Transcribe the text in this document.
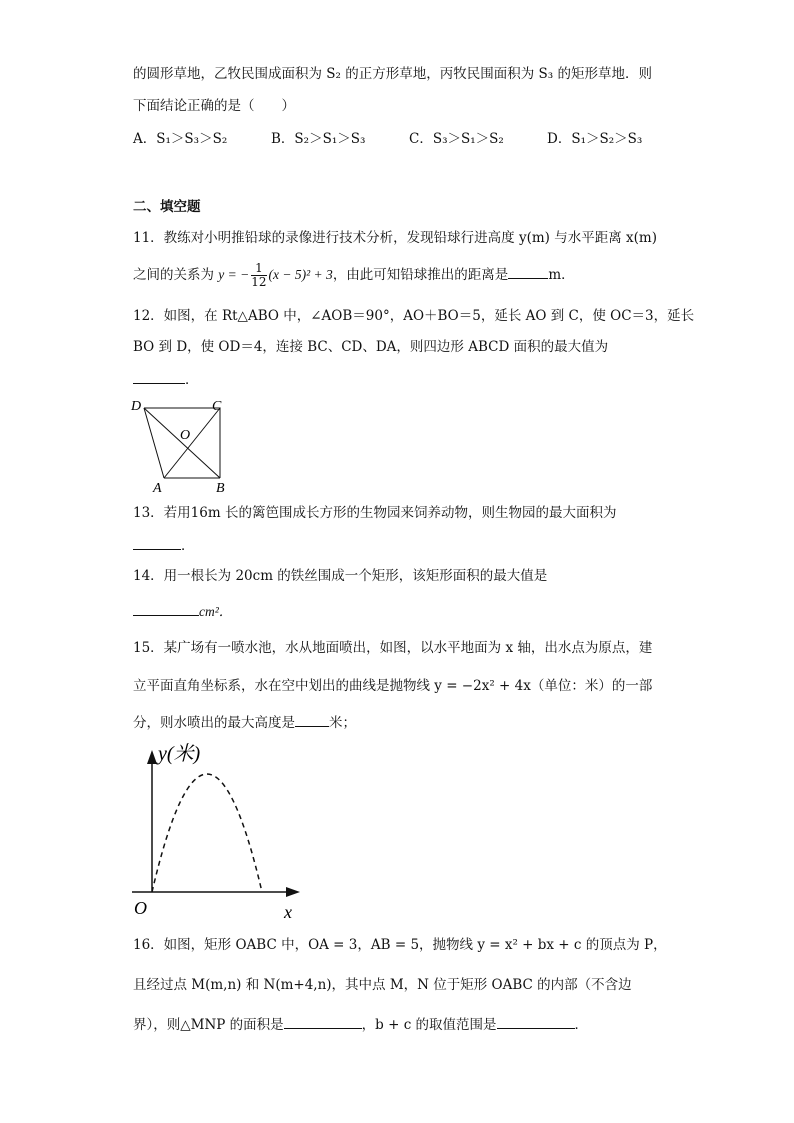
的圆形草地，乙牧民围成面积为 S₂ 的正方形草地，丙牧民围面积为 S₃ 的矩形草地．则
下面结论正确的是（　　）
A．S₁＞S₃＞S₂	B．S₂＞S₁＞S₃	C．S₃＞S₁＞S₂	D．S₁＞S₂＞S₃
二、填空题
11．教练对小明推铅球的录像进行技术分析，发现铅球行进高度 y(m) 与水平距离 x(m)
之间的关系为 y = − $\frac{1}{12} (x - 5)^2 + 3$，由此可知铅球推出的距离是	m．
12．如图，在 Rt△ABO 中，∠AOB＝90°，AO＋BO＝5，延长 AO 到 C，使 OC＝3，延长
BO 到 D，使 OD＝4，连接 BC、CD、DA，则四边形 ABCD 面积的最大值为
．
D	C
O
A	B
13．若用16m 长的篱笆围成长方形的生物园来饲养动物，则生物园的最大面积为
．
14．用一根长为 20cm 的铁丝围成一个矩形，该矩形面积的最大值是
cm²．
15．某广场有一喷水池，水从地面喷出，如图，以水平地面为 x 轴，出水点为原点，建
立平面直角坐标系，水在空中划出的曲线是抛物线 y = −2x² + 4x（单位：米）的一部
分，则水喷出的最大高度是	米；
y(米)
x
O
16．如图，矩形 OABC 中，OA = 3，AB = 5，抛物线 y = x² + bx + c 的顶点为 P，
且经过点 M(m,n) 和 N(m+4,n)，其中点 M，N 位于矩形 OABC 的内部（不含边
界），则△MNP 的面积是	，b + c 的取值范围是	．
